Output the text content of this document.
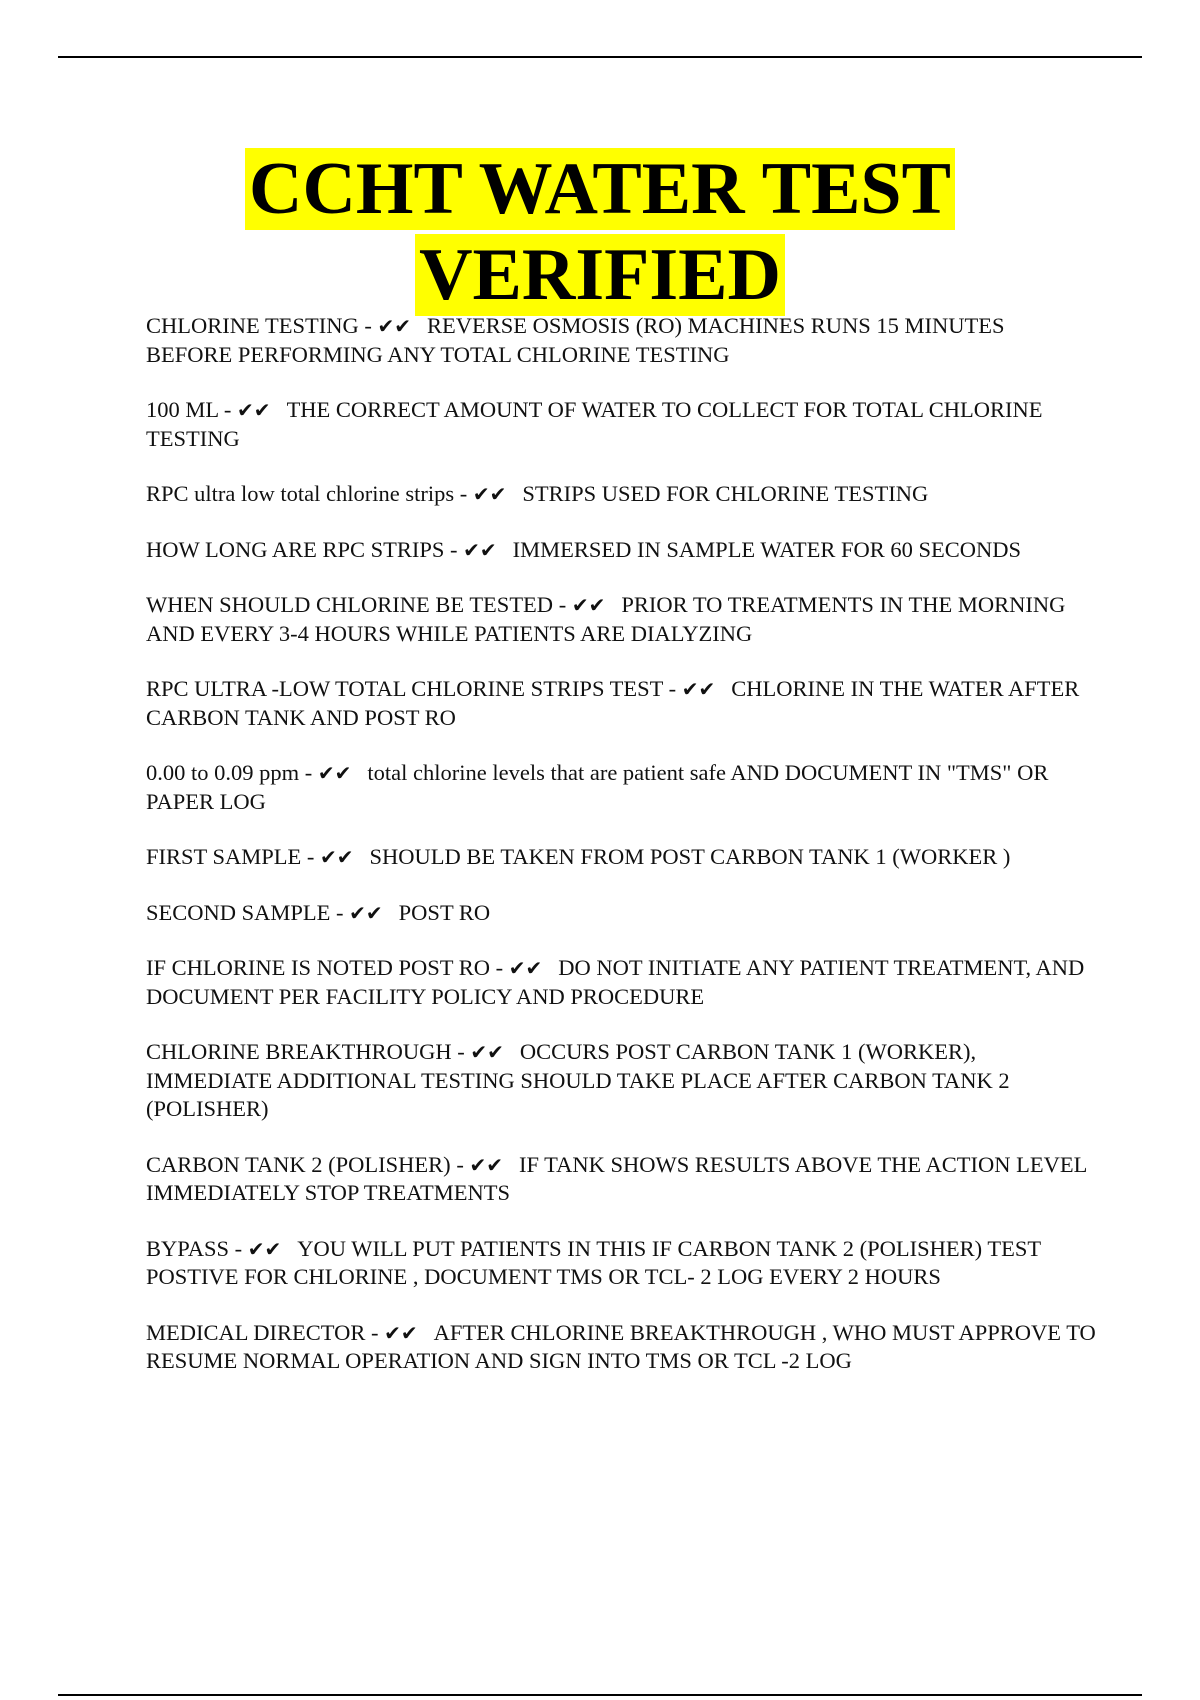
CCHT WATER TEST
VERIFIED

CHLORINE TESTING - ✔✔ REVERSE OSMOSIS (RO) MACHINES RUNS 15 MINUTES BEFORE PERFORMING ANY TOTAL CHLORINE TESTING

100 ML - ✔✔ THE CORRECT AMOUNT OF WATER TO COLLECT FOR TOTAL CHLORINE TESTING

RPC ultra low total chlorine strips - ✔✔ STRIPS USED FOR CHLORINE TESTING

HOW LONG ARE RPC STRIPS - ✔✔ IMMERSED IN SAMPLE WATER FOR 60 SECONDS

WHEN SHOULD CHLORINE BE TESTED - ✔✔ PRIOR TO TREATMENTS IN THE MORNING AND EVERY 3-4 HOURS WHILE PATIENTS ARE DIALYZING

RPC ULTRA -LOW TOTAL CHLORINE STRIPS TEST - ✔✔ CHLORINE IN THE WATER AFTER CARBON TANK AND POST RO

0.00 to 0.09 ppm - ✔✔ total chlorine levels that are patient safe AND DOCUMENT IN "TMS" OR PAPER LOG

FIRST SAMPLE - ✔✔ SHOULD BE TAKEN FROM POST CARBON TANK 1 (WORKER )

SECOND SAMPLE - ✔✔ POST RO

IF CHLORINE IS NOTED POST RO - ✔✔ DO NOT INITIATE ANY PATIENT TREATMENT, AND DOCUMENT PER FACILITY POLICY AND PROCEDURE

CHLORINE BREAKTHROUGH - ✔✔ OCCURS POST CARBON TANK 1 (WORKER), IMMEDIATE ADDITIONAL TESTING SHOULD TAKE PLACE AFTER CARBON TANK 2 (POLISHER)

CARBON TANK 2 (POLISHER) - ✔✔ IF TANK SHOWS RESULTS ABOVE THE ACTION LEVEL IMMEDIATELY STOP TREATMENTS

BYPASS - ✔✔ YOU WILL PUT PATIENTS IN THIS IF CARBON TANK 2 (POLISHER) TEST POSTIVE FOR CHLORINE , DOCUMENT TMS OR TCL- 2 LOG EVERY 2 HOURS

MEDICAL DIRECTOR - ✔✔ AFTER CHLORINE BREAKTHROUGH , WHO MUST APPROVE TO RESUME NORMAL OPERATION AND SIGN INTO TMS OR TCL -2 LOG
